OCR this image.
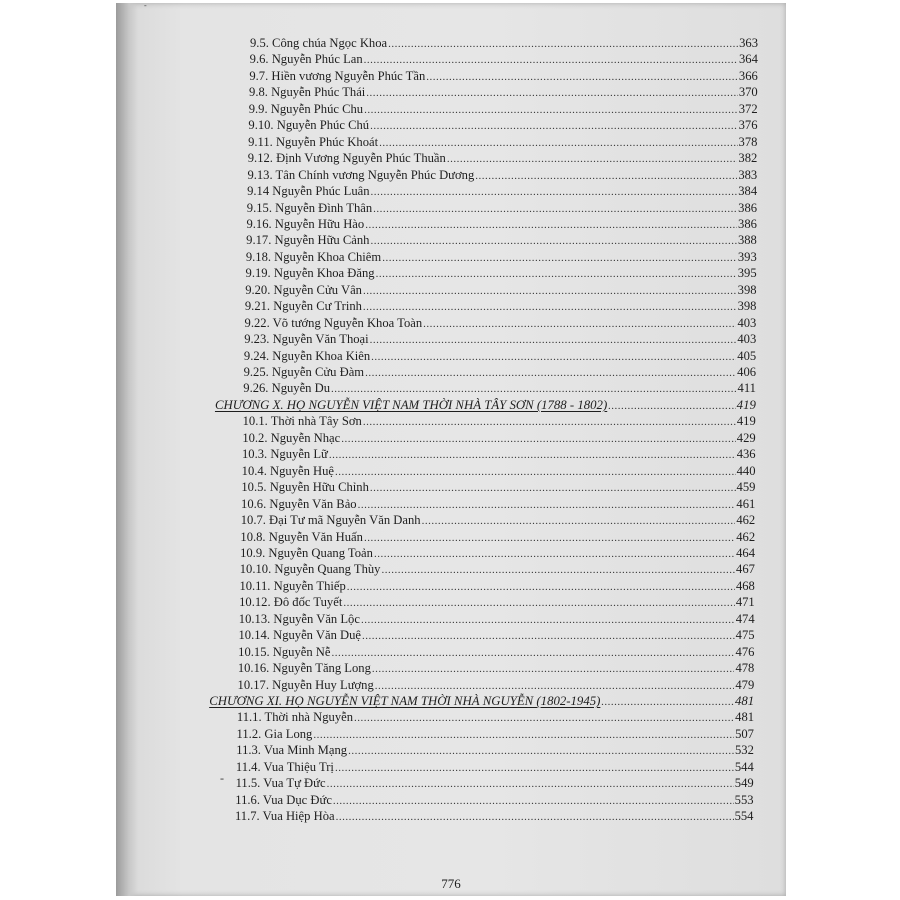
-
9.5. Công chúa Ngọc Khoa .....	363
9.6. Nguyễn Phúc Lan .....	364
9.7. Hiền vương Nguyễn Phúc Tần .....	366
9.8. Nguyễn Phúc Thái .....	370
9.9. Nguyễn Phúc Chu .....	372
9.10. Nguyễn Phúc Chú .....	376
9.11. Nguyễn Phúc Khoát .....	378
9.12. Định Vương Nguyễn Phúc Thuần .....	382
9.13. Tân Chính vương Nguyễn Phúc Dương .....	383
9.14 Nguyễn Phúc Luân .....	384
9.15. Nguyễn Đình Thân .....	386
9.16. Nguyễn Hữu Hào .....	386
9.17. Nguyễn Hữu Cảnh .....	388
9.18. Nguyễn Khoa Chiêm .....	393
9.19. Nguyễn Khoa Đăng .....	395
9.20. Nguyễn Cửu Vân .....	398
9.21. Nguyễn Cư Trinh .....	398
9.22. Võ tướng Nguyễn Khoa Toàn .....	403
9.23. Nguyễn Văn Thoại .....	403
9.24. Nguyễn Khoa Kiên .....	405
9.25. Nguyễn Cửu Đàm .....	406
9.26. Nguyễn Du .....	411
CHƯƠNG X. HỌ NGUYỄN VIỆT NAM THỜI NHÀ TÂY SƠN (1788 - 1802) .....	419
10.1. Thời nhà Tây Sơn .....	419
10.2. Nguyễn Nhạc .....	429
10.3. Nguyễn Lữ .....	436
10.4. Nguyễn Huệ .....	440
10.5. Nguyễn Hữu Chỉnh .....	459
10.6. Nguyễn Văn Bảo .....	461
10.7. Đại Tư mã Nguyễn Văn Danh .....	462
10.8. Nguyễn Văn Huấn .....	462
10.9. Nguyễn Quang Toản .....	464
10.10. Nguyễn Quang Thùy .....	467
10.11. Nguyễn Thiếp .....	468
10.12. Đô đốc Tuyết .....	471
10.13. Nguyễn Văn Lộc .....	474
10.14. Nguyễn Văn Duệ .....	475
10.15. Nguyễn Nễ .....	476
10.16. Nguyễn Tăng Long .....	478
10.17. Nguyễn Huy Lượng .....	479
CHƯƠNG XI. HỌ NGUYỄN VIỆT NAM THỜI NHÀ NGUYỄN (1802-1945) .....	481
11.1. Thời nhà Nguyễn .....	481
11.2. Gia Long .....	507
11.3. Vua Minh Mạng .....	532
11.4. Vua Thiệu Trị .....	544
11.5. Vua Tự Đức .....	549
11.6. Vua Dục Đức .....	553
11.7. Vua Hiệp Hòa .....	554
-
776
